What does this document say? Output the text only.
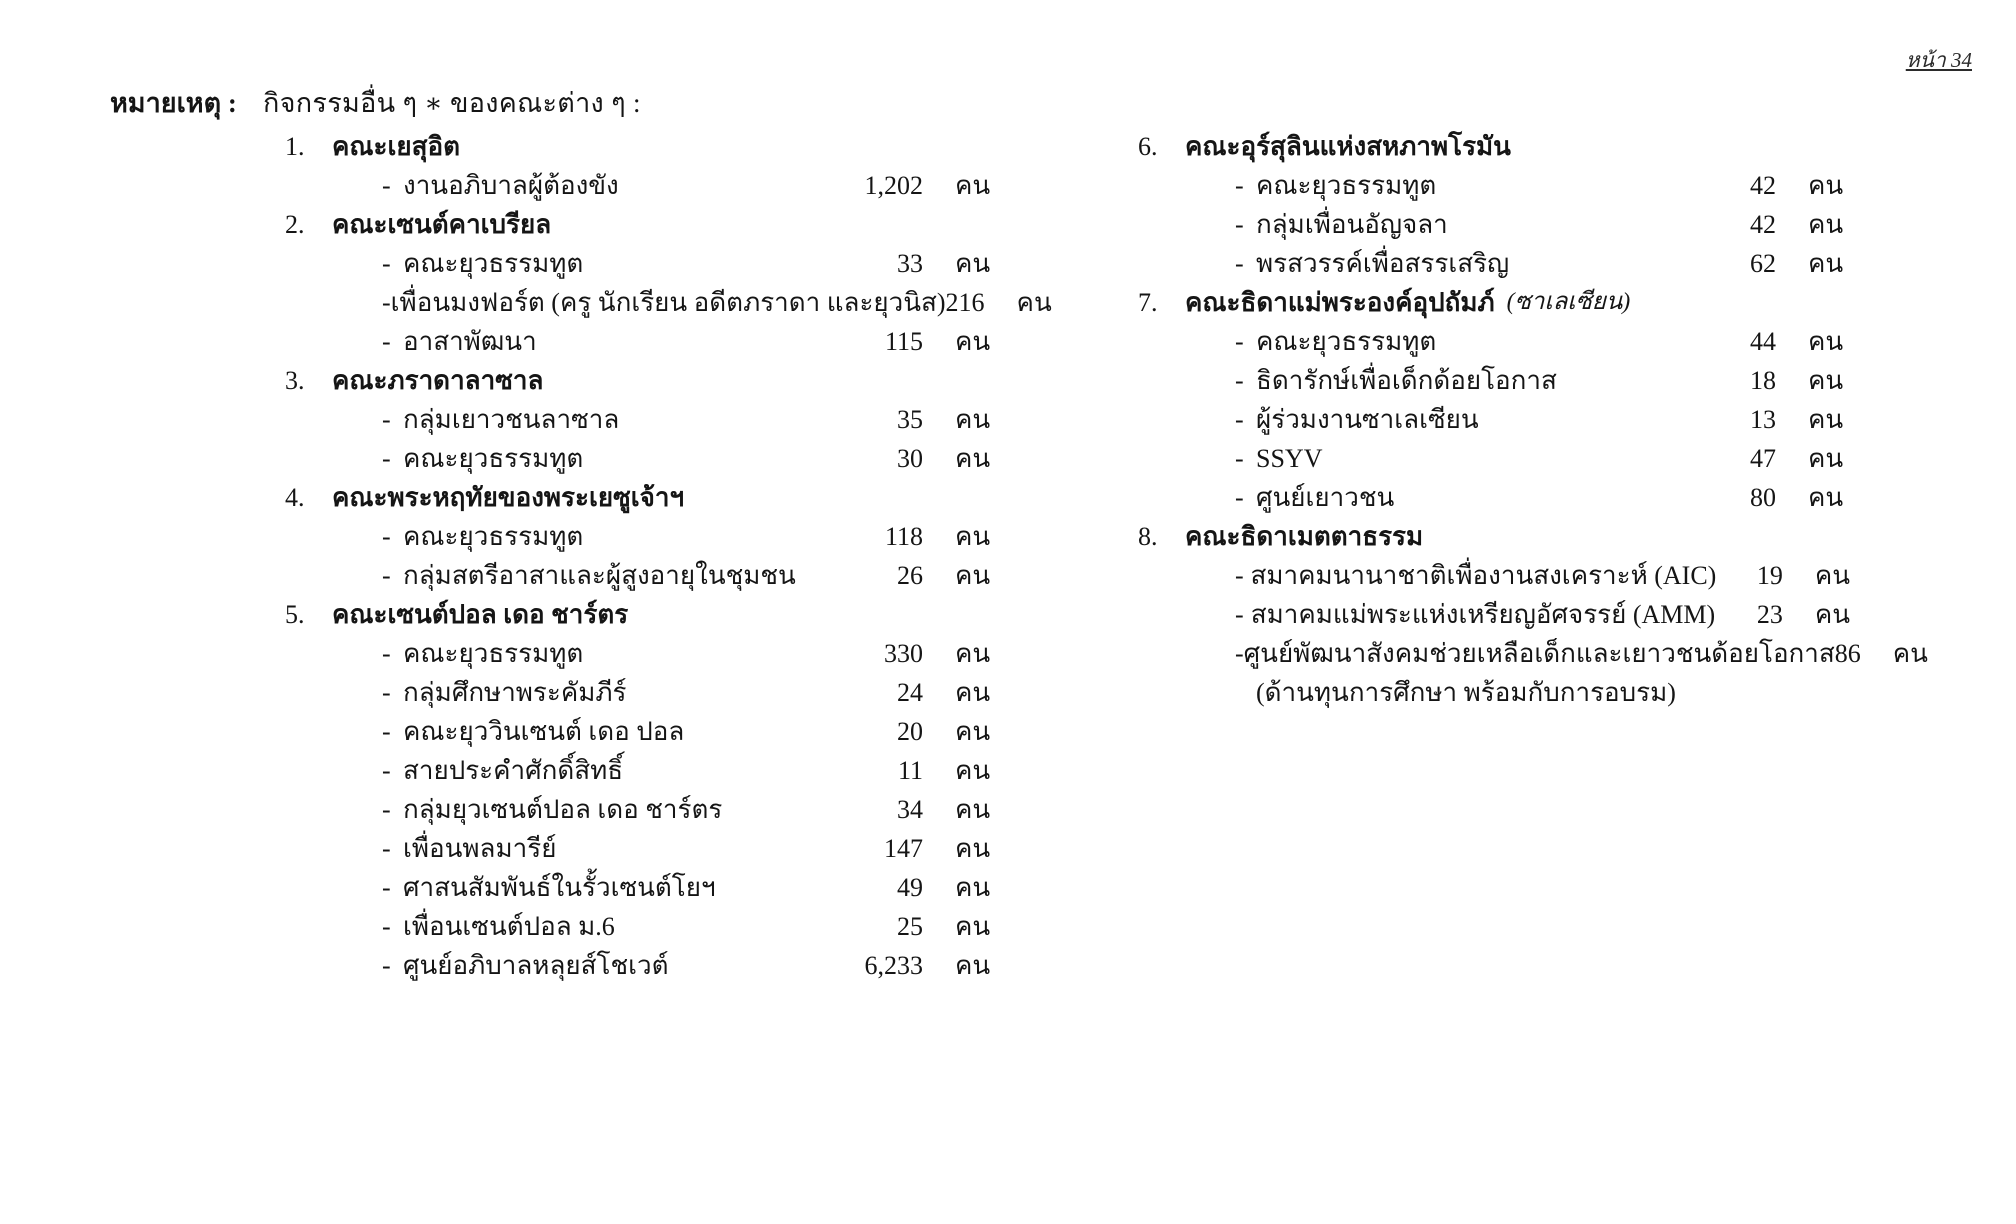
หน้า 34
หมายเหตุ : กิจกรรมอื่น ๆ ∗ ของคณะต่าง ๆ :
1.	คณะเยสุอิต
- งานอภิบาลผู้ต้องขัง	1,202 คน
2.	คณะเซนต์คาเบรียล
- คณะยุวธรรมทูต	33 คน
- เพื่อนมงฟอร์ต (ครู นักเรียน อดีตภราดา และยุวนิส) 216 คน
- อาสาพัฒนา	115 คน
3.	คณะภราดาลาซาล
- กลุ่มเยาวชนลาซาล	35 คน
- คณะยุวธรรมทูต	30 คน
4.	คณะพระหฤทัยของพระเยซูเจ้าฯ
- คณะยุวธรรมทูต	118 คน
- กลุ่มสตรีอาสาและผู้สูงอายุในชุมชน	26 คน
5.	คณะเซนต์ปอล เดอ ชาร์ตร
- คณะยุวธรรมทูต	330 คน
- กลุ่มศึกษาพระคัมภีร์	24 คน
- คณะยุววินเซนต์ เดอ ปอล	20 คน
- สายประคำศักดิ์สิทธิ์	11 คน
- กลุ่มยุวเซนต์ปอล เดอ ชาร์ตร	34 คน
- เพื่อนพลมารีย์	147 คน
- ศาสนสัมพันธ์ในรั้วเซนต์โยฯ	49 คน
- เพื่อนเซนต์ปอล ม.6	25 คน
- ศูนย์อภิบาลหลุยส์โชเวต์	6,233 คน
6.	คณะอุร์สุลินแห่งสหภาพโรมัน
- คณะยุวธรรมทูต	42 คน
- กลุ่มเพื่อนอัญจลา	42 คน
- พรสวรรค์เพื่อสรรเสริญ	62 คน
7.	คณะธิดาแม่พระองค์อุปถัมภ์ (ซาเลเซียน)
- คณะยุวธรรมทูต	44 คน
- ธิดารักษ์เพื่อเด็กด้อยโอกาส	18 คน
- ผู้ร่วมงานซาเลเซียน	13 คน
- SSYV	47 คน
- ศูนย์เยาวชน	80 คน
8.	คณะธิดาเมตตาธรรม
- สมาคมนานาชาติเพื่องานสงเคราะห์ (AIC)	19 คน
- สมาคมแม่พระแห่งเหรียญอัศจรรย์ (AMM)	23 คน
- ศูนย์พัฒนาสังคมช่วยเหลือเด็กและเยาวชนด้อยโอกาส 86 คน
(ด้านทุนการศึกษา พร้อมกับการอบรม)
